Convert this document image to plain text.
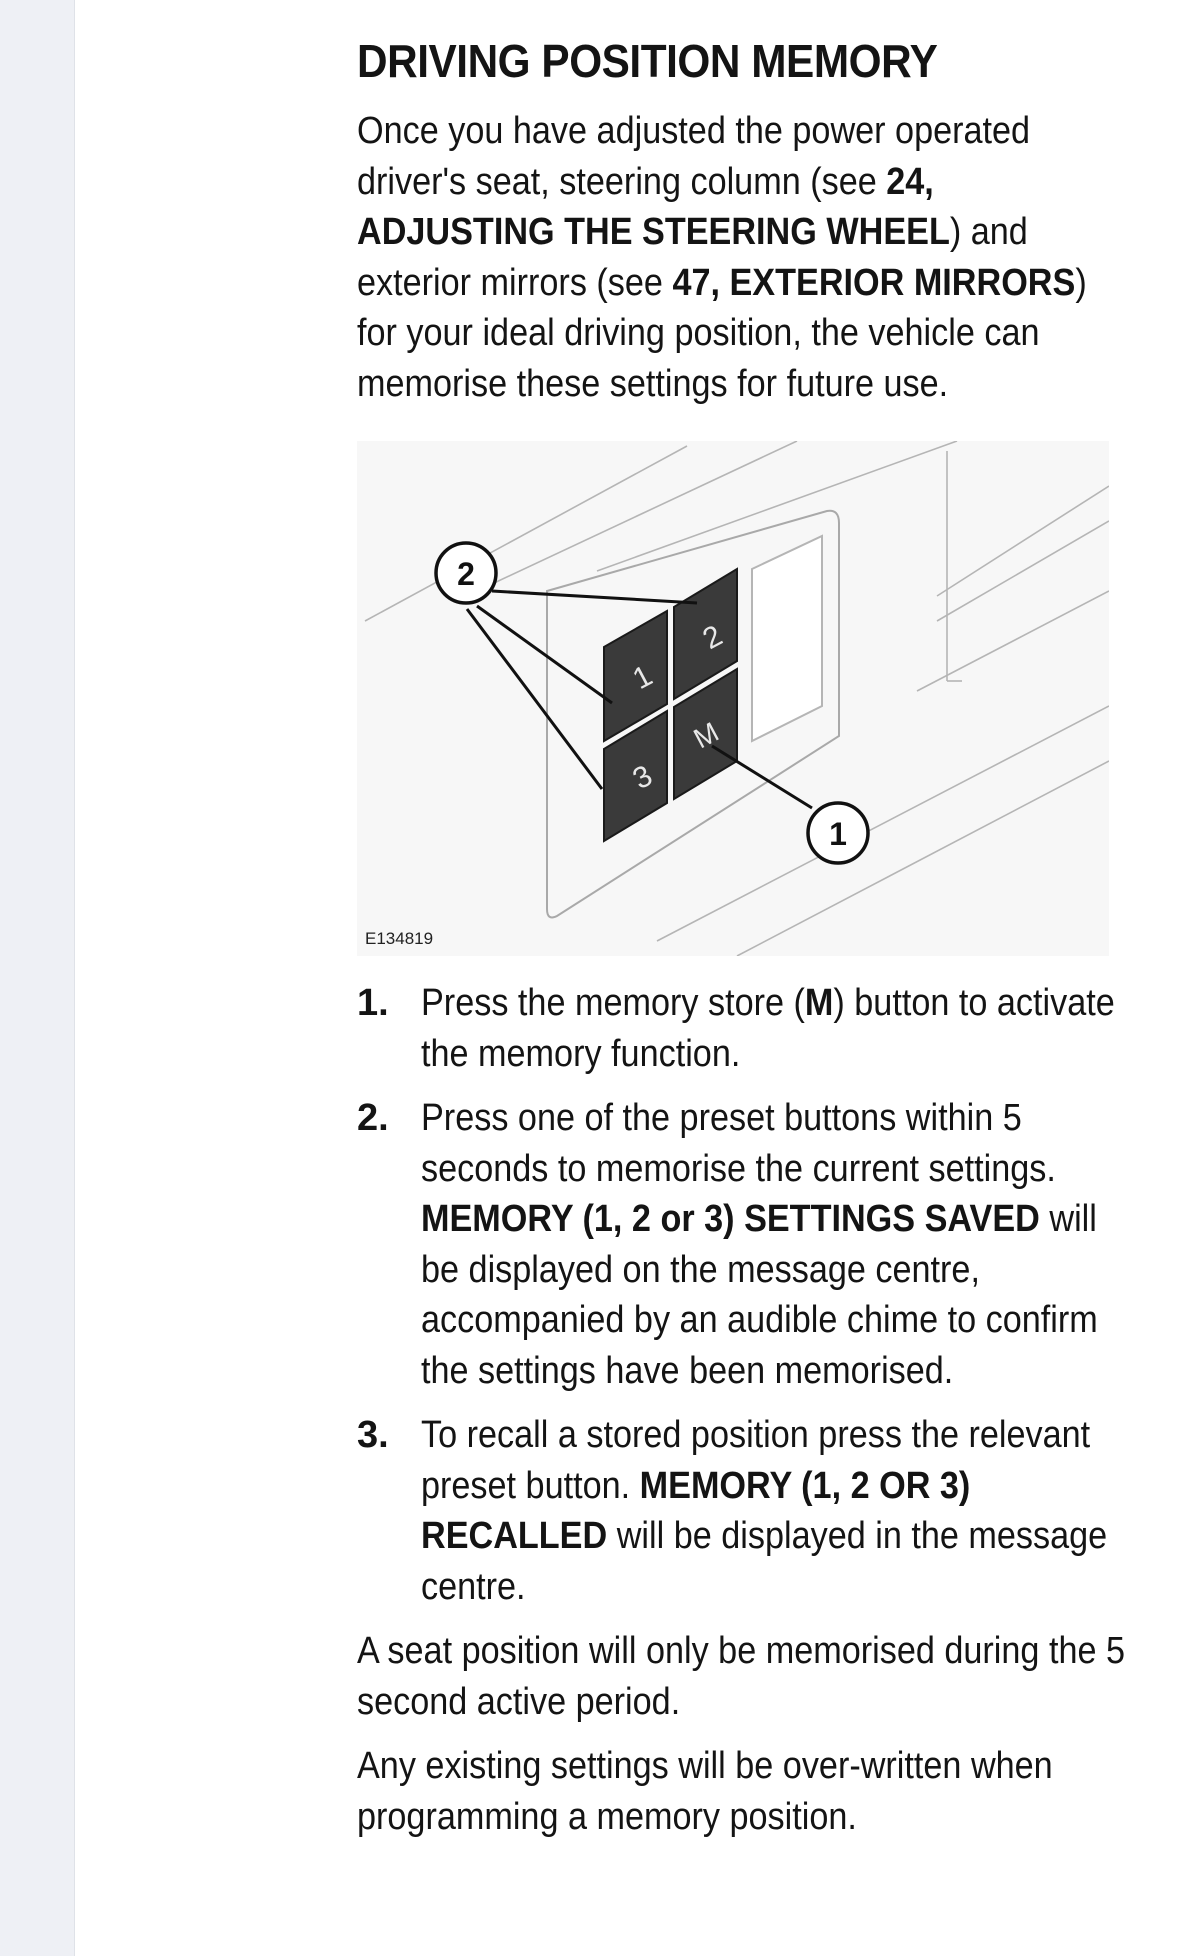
DRIVING POSITION MEMORY

Once you have adjusted the power operated driver's seat, steering column (see 24, ADJUSTING THE STEERING WHEEL) and exterior mirrors (see 47, EXTERIOR MIRRORS) for your ideal driving position, the vehicle can memorise these settings for future use.

1
2
3
M
2
1
E134819
1. Press the memory store (M) button to activate the memory function.
2. Press one of the preset buttons within 5 seconds to memorise the current settings. MEMORY (1, 2 or 3) SETTINGS SAVED will be displayed on the message centre, accompanied by an audible chime to confirm the settings have been memorised.
3. To recall a stored position press the relevant preset button. MEMORY (1, 2 OR 3) RECALLED will be displayed in the message centre.

A seat position will only be memorised during the 5 second active period.

Any existing settings will be over-written when programming a memory position.
